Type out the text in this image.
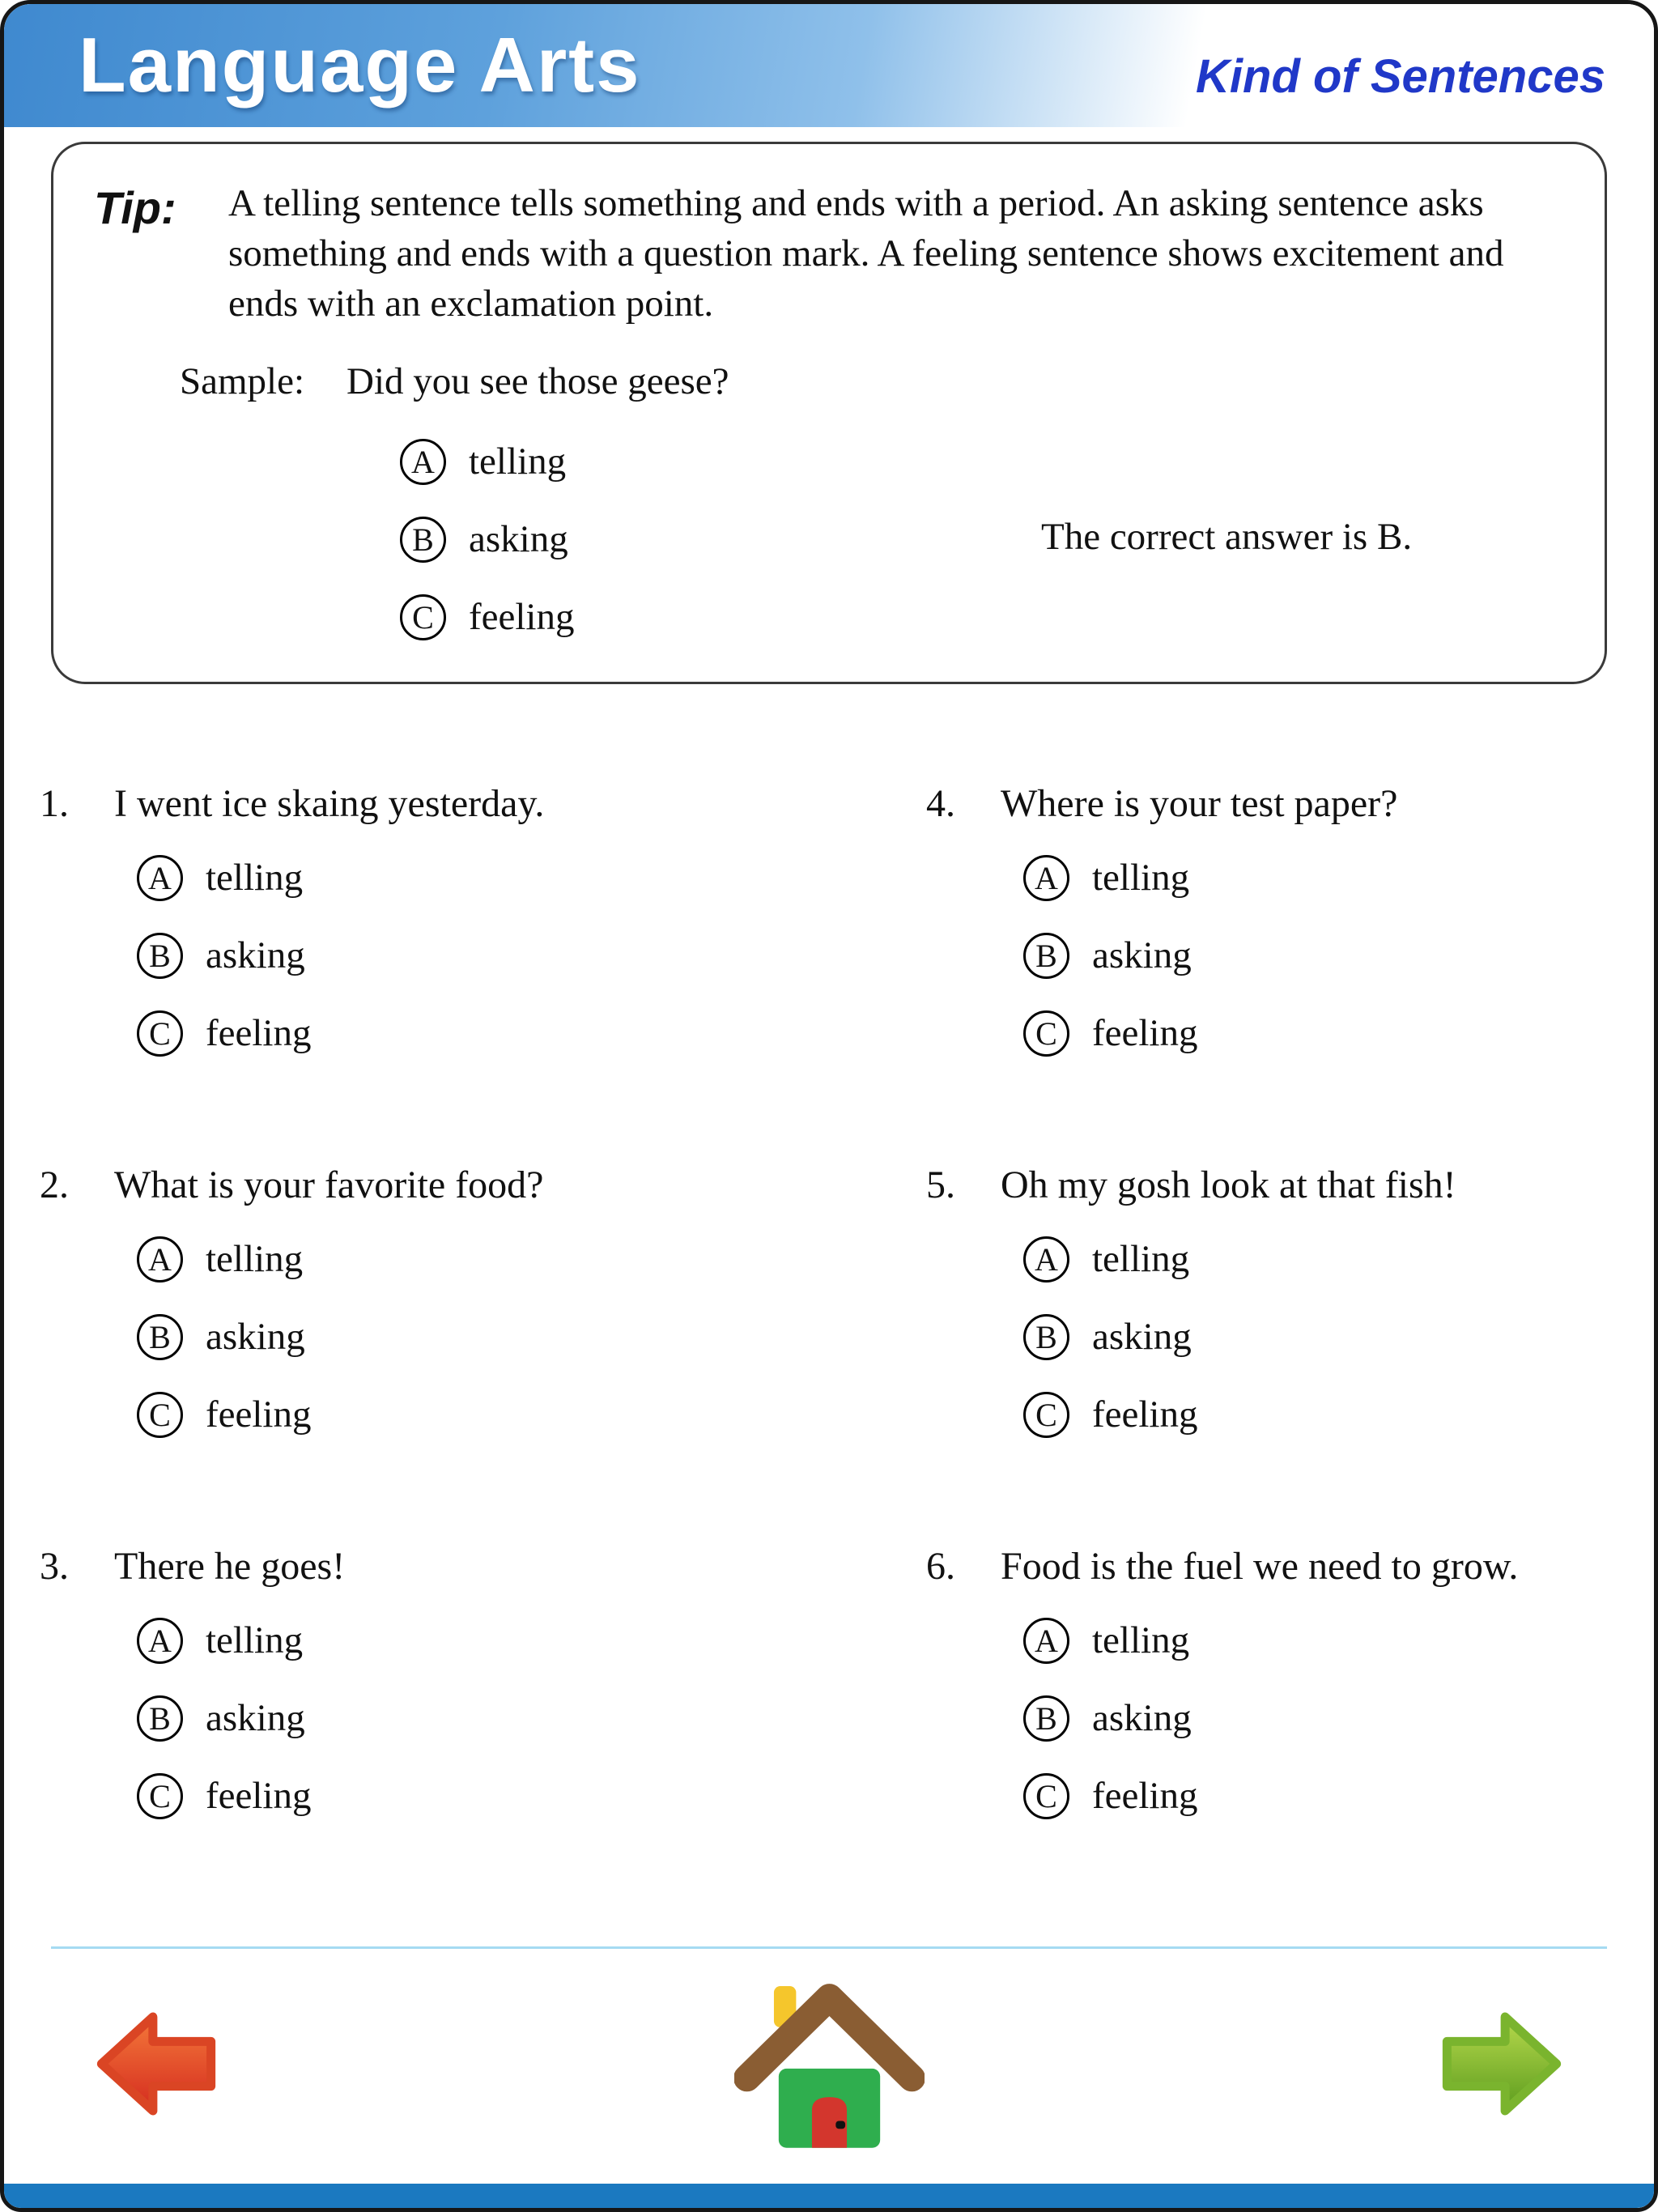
Language Arts	Kind of Sentences
Tip:	A telling sentence tells something and ends with a period. An asking sentence asks something and ends with a question mark. A feeling sentence shows excitement and ends with an exclamation point.

Sample: Did you see those geese?
A telling
B asking
C feeling
The correct answer is B.
1.	I went ice skaing yesterday.
A telling
B asking
C feeling
2.	What is your favorite food?
A telling
B asking
C feeling
3.	There he goes!
A telling
B asking
C feeling
4.	Where is your test paper?
A telling
B asking
C feeling
5.	Oh my gosh look at that fish!
A telling
B asking
C feeling
6.	Food is the fuel we need to grow.
A telling
B asking
C feeling
